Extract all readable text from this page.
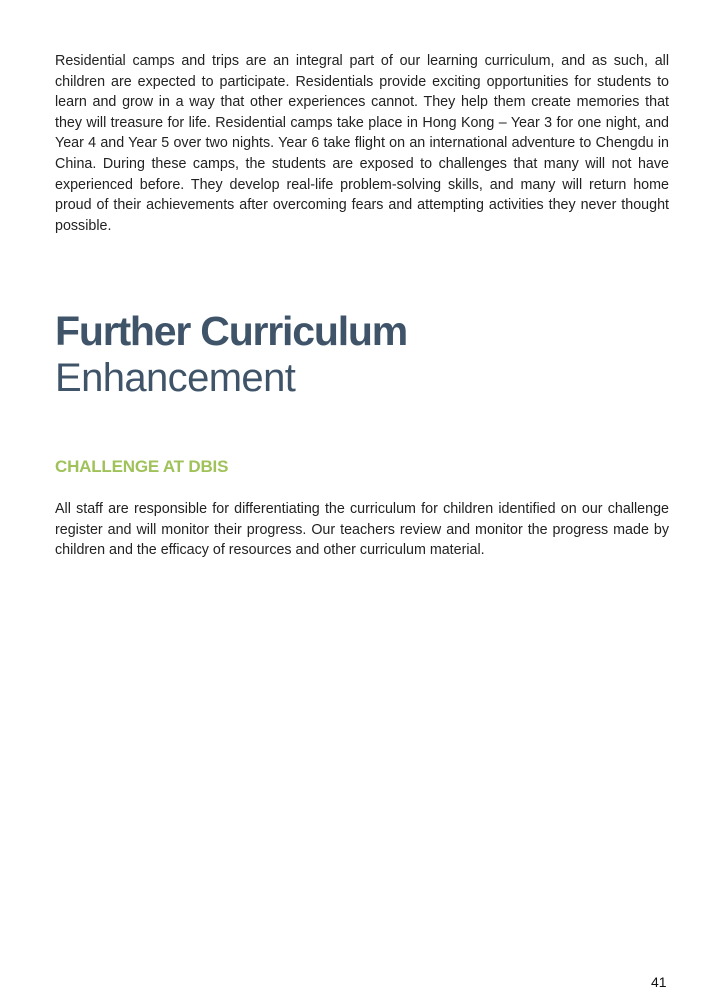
Residential camps and trips are an integral part of our learning curriculum, and as such, all children are expected to participate. Residentials provide exciting opportunities for students to learn and grow in a way that other experiences cannot. They help them create memories that they will treasure for life. Residential camps take place in Hong Kong – Year 3 for one night, and Year 4 and Year 5 over two nights. Year 6 take flight on an international adventure to Chengdu in China. During these camps, the students are exposed to challenges that many will not have experienced before. They develop real-life problem-solving skills, and many will return home proud of their achievements after overcoming fears and attempting activities they never thought possible.

Further Curriculum
Enhancement
CHALLENGE AT DBIS

All staff are responsible for differentiating the curriculum for children identified on our challenge register and will monitor their progress. Our teachers review and monitor the progress made by children and the efficacy of resources and other curriculum material.

41
